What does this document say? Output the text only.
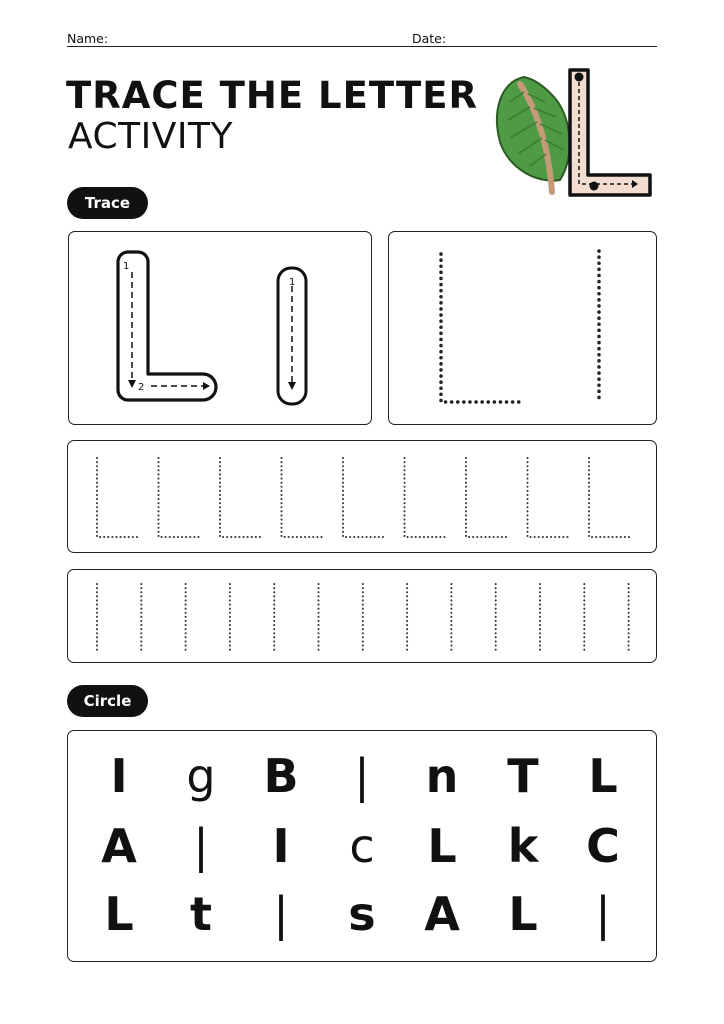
Name:	Date:
TRACE THE LETTER
ACTIVITY
Trace
1
2
1
Circle
I	g	B	|	n	T	L
A	|	I	c	L	k	C
L	t	|	s	A	L	|
